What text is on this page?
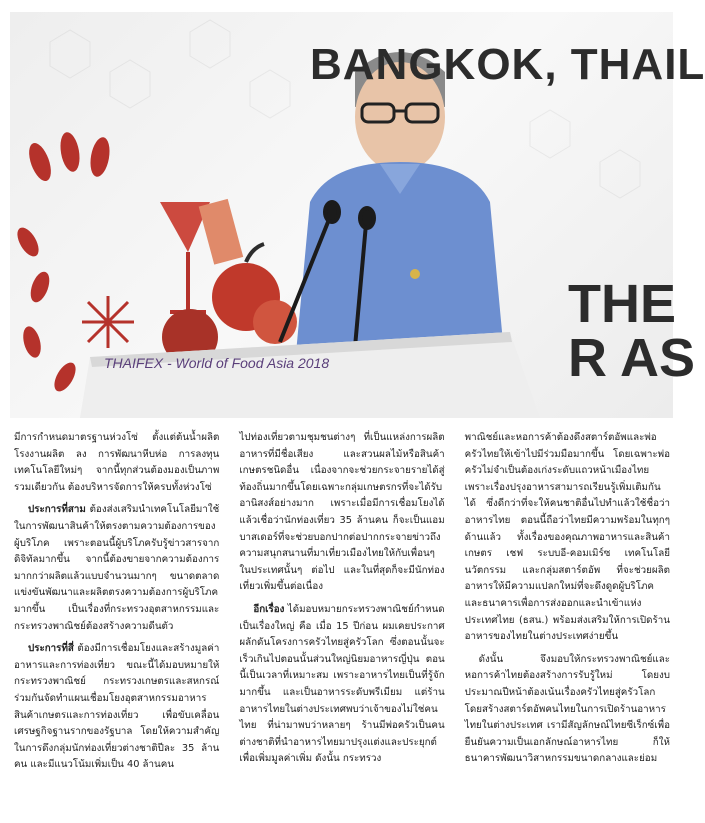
BANGKOK, THAIL
THE
R AS
THAIFEX - World of Food Asia 2018

มีการกำหนดมาตรฐานห่วงโซ่ ตั้งแต่ต้นน้ำผลิต โรงงานผลิต ลง การพัฒนาหีบห่อ การลงทุนเทคโนโลยีใหม่ๆ จากนี้ทุกส่วนต้องมองเป็นภาพรวมเดียวกัน ต้องบริหารจัดการให้ครบทั้งห่วงโซ่

ประการที่สาม ต้องส่งเสริมนำเทคโนโลยีมาใช้ในการพัฒนาสินค้าให้ตรงตามความต้องการของผู้บริโภค เพราะตอนนี้ผู้บริโภครับรู้ข่าวสารจากดิจิทัลมากขึ้น จากนี้ต้องขายจากความต้องการมากกว่าผลิตแล้วแบบจำนวนมากๆ ขนาดตลาดแข่งขันพัฒนาและผลิตตรงความต้องการผู้บริโภคมากขึ้น เป็นเรื่องที่กระทรวงอุตสาหกรรมและกระทรวงพาณิชย์ต้องสร้างความดีนตัว

ประการที่สี่ ต้องมีการเชื่อมโยงและสร้างมูลค่าอาหารและการท่องเที่ยว ขณะนี้ได้มอบหมายให้กระทรวงพาณิชย์ กระทรวงเกษตรและสหกรณ์ ร่วมกันจัดทำแผนเชื่อมโยงอุตสาหกรรมอาหาร สินค้าเกษตรและการท่องเที่ยว เพื่อขับเคลื่อนเศรษฐกิจฐานรากของรัฐบาล โดยให้ความสำคัญในการดึงกลุ่มนักท่องเที่ยวต่างชาติปีละ 35 ล้านคน และมีแนวโน้มเพิ่มเป็น 40 ล้านคน

ไปท่องเที่ยวตามชุมชนต่างๆ ที่เป็นแหล่งการผลิตอาหารที่มีชื่อเสียง และสวนผลไม้หรือสินค้าเกษตรชนิดอื่น เนื่องจากจะช่วยกระจายรายได้สู่ท้องถิ่นมากขึ้นโดยเฉพาะกลุ่มเกษตรกรที่จะได้รับอานิสงส์อย่างมาก เพราะเมื่อมีการเชื่อมโยงได้แล้วเชื่อว่านักท่องเที่ยว 35 ล้านคน ก็จะเป็นแอมบาสเดอร์ที่จะช่วยบอกปากต่อปากกระจายข่าวถึงความสนุกสนานที่มาเที่ยวเมืองไทยให้กับเพื่อนๆ ในประเทศนั้นๆ ต่อไป และในที่สุดก็จะมีนักท่องเที่ยวเพิ่มขึ้นต่อเนื่อง

อีกเรื่อง ได้มอบหมายกระทรวงพาณิชย์กำหนดเป็นเรื่องใหญ่ คือ เมื่อ 15 ปีก่อน ผมเคยประกาศผลักดันโครงการครัวไทยสู่ครัวโลก ซึ่งตอนนั้นจะเร็วเกินไปตอนนั้นส่วนใหญ่นิยมอาหารญี่ปุ่น ตอนนี้เป็นเวลาที่เหมาะสม เพราะอาหารไทยเป็นที่รู้จักมากขึ้น และเป็นอาหารระดับพรีเมียม แต่ร้านอาหารไทยในต่างประเทศพบว่าเจ้าของไม่ใช่คนไทย ที่น่ามาพบว่าหลายๆ ร้านมีพ่อครัวเป็นคนต่างชาติที่นำอาหารไทยมาปรุงแต่งและประยุกต์เพื่อเพิ่มมูลค่าเพิ่ม ดังนั้น กระทรวง

พาณิชย์และหอการค้าต้องดึงสตาร์ตอัพและพ่อครัวไทยให้เข้าไปมีร่วมมือมากขึ้น โดยเฉพาะพ่อครัวไม่จำเป็นต้องเก่งระดับแถวหน้าเมืองไทย เพราะเรื่องปรุงอาหารสามารถเรียนรู้เพิ่มเติมกันได้ ซึ่งดีกว่าที่จะให้คนชาติอื่นไปทำแล้วใช้ชื่อว่าอาหารไทย ตอนนี้ถือว่าไทยมีความพร้อมในทุกๆ ด้านแล้ว ทั้งเรื่องของคุณภาพอาหารและสินค้าเกษตร เชฟ ระบบอี-คอมเมิร์ซ เทคโนโลยี นวัตกรรม และกลุ่มสตาร์ตอัพ ที่จะช่วยผลิตอาหารให้มีความแปลกใหม่ที่จะดึงดูดผู้บริโภค และธนาคารเพื่อการส่งออกและนำเข้าแห่งประเทศไทย (ธสน.) พร้อมส่งเสริมให้การเปิดร้านอาหารของไทยในต่างประเทศง่ายขึ้น

ดังนั้น จึงมอบให้กระทรวงพาณิชย์และหอการค้าไทยต้องสร้างการรับรู้ใหม่ โดยงบประมาณปีหน้าต้องเน้นเรื่องครัวไทยสู่ครัวโลก โดยสร้างสตาร์ตอัพคนไทยในการเปิดร้านอาหารไทยในต่างประเทศ เรามีสัญลักษณ์ไทยซีเร็กซ์เพื่อยืนยันความเป็นเอกลักษณ์อาหารไทย ก็ให้ธนาคารพัฒนาวิสาหกรรมขนาดกลางและย่อม
